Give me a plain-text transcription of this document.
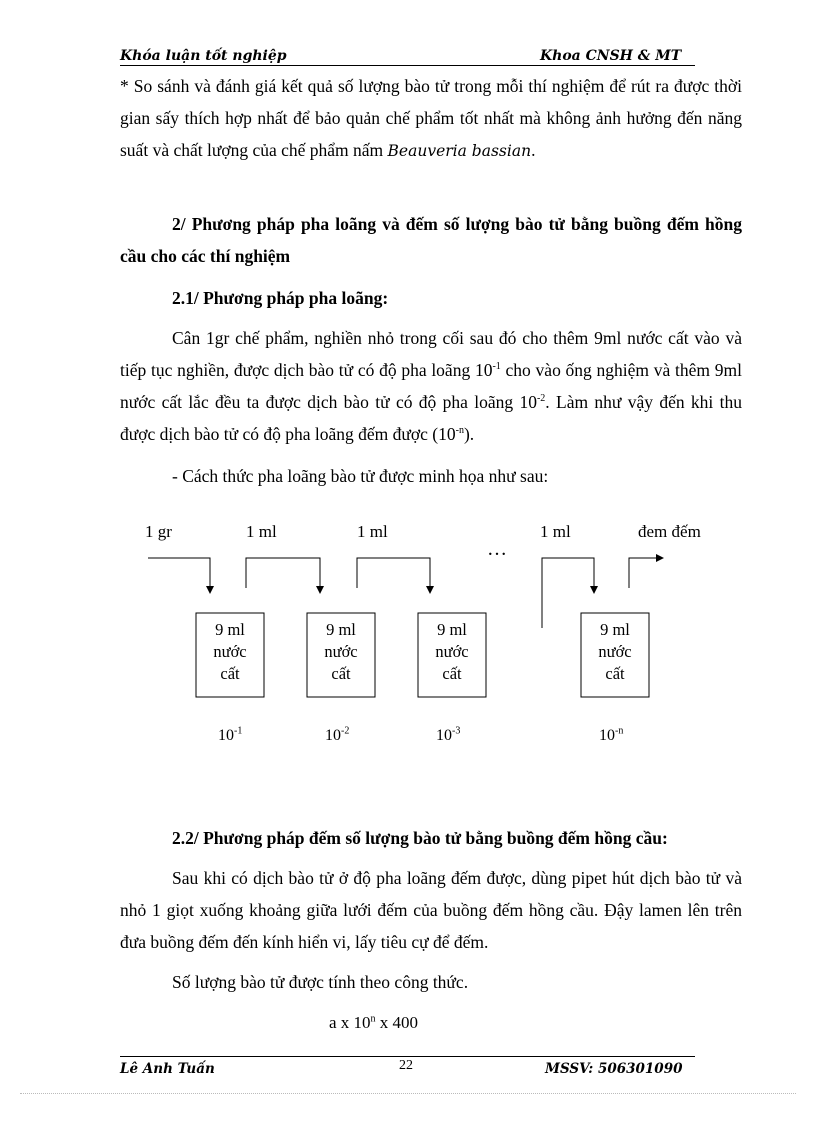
Khóa luận tốt nghiệp	Khoa CNSH & MT
* So sánh và đánh giá kết quả số lượng bào tử trong mỗi thí nghiệm để rút ra được thời gian sấy thích hợp nhất để bảo quản chế phẩm tốt nhất mà không ảnh hưởng đến năng suất và chất lượng của chế phẩm nấm Beauveria bassian.
2/ Phương pháp pha loãng và đếm số lượng bào tử bằng buồng đếm hồng cầu cho các thí nghiệm
2.1/ Phương pháp pha loãng:
Cân 1gr chế phẩm, nghiền nhỏ trong cối sau đó cho thêm 9ml nước cất vào và tiếp tục nghiền, được dịch bào tử có độ pha loãng $10^{-1}$ cho vào ống nghiệm và thêm 9ml nước cất lắc đều ta được dịch bào tử có độ pha loãng $10^{-2}$. Làm như vậy đến khi thu được dịch bào tử có độ pha loãng đếm được $(10^{-n})$.
- Cách thức pha loãng bào tử được minh họa như sau:
1 gr	1 ml	1 ml
…
1 ml	đem đếm
9 ml
nước
cất
9 ml
nước
cất
9 ml
nước
cất
9 ml
nước
cất
$10^{-1}$	$10^{-2}$	$10^{-3}$	$10^{-n}$
2.2/ Phương pháp đếm số lượng bào tử bằng buồng đếm hồng cầu:
Sau khi có dịch bào tử ở độ pha loãng đếm được, dùng pipet hút dịch bào tử và nhỏ 1 giọt xuống khoảng giữa lưới đếm của buồng đếm hồng cầu. Đậy lamen lên trên đưa buồng đếm đến kính hiển vi, lấy tiêu cự để đếm.
Số lượng bào tử được tính theo công thức.
a x 10$^n$ x 400
Lê Anh Tuấn	22	MSSV: 506301090
